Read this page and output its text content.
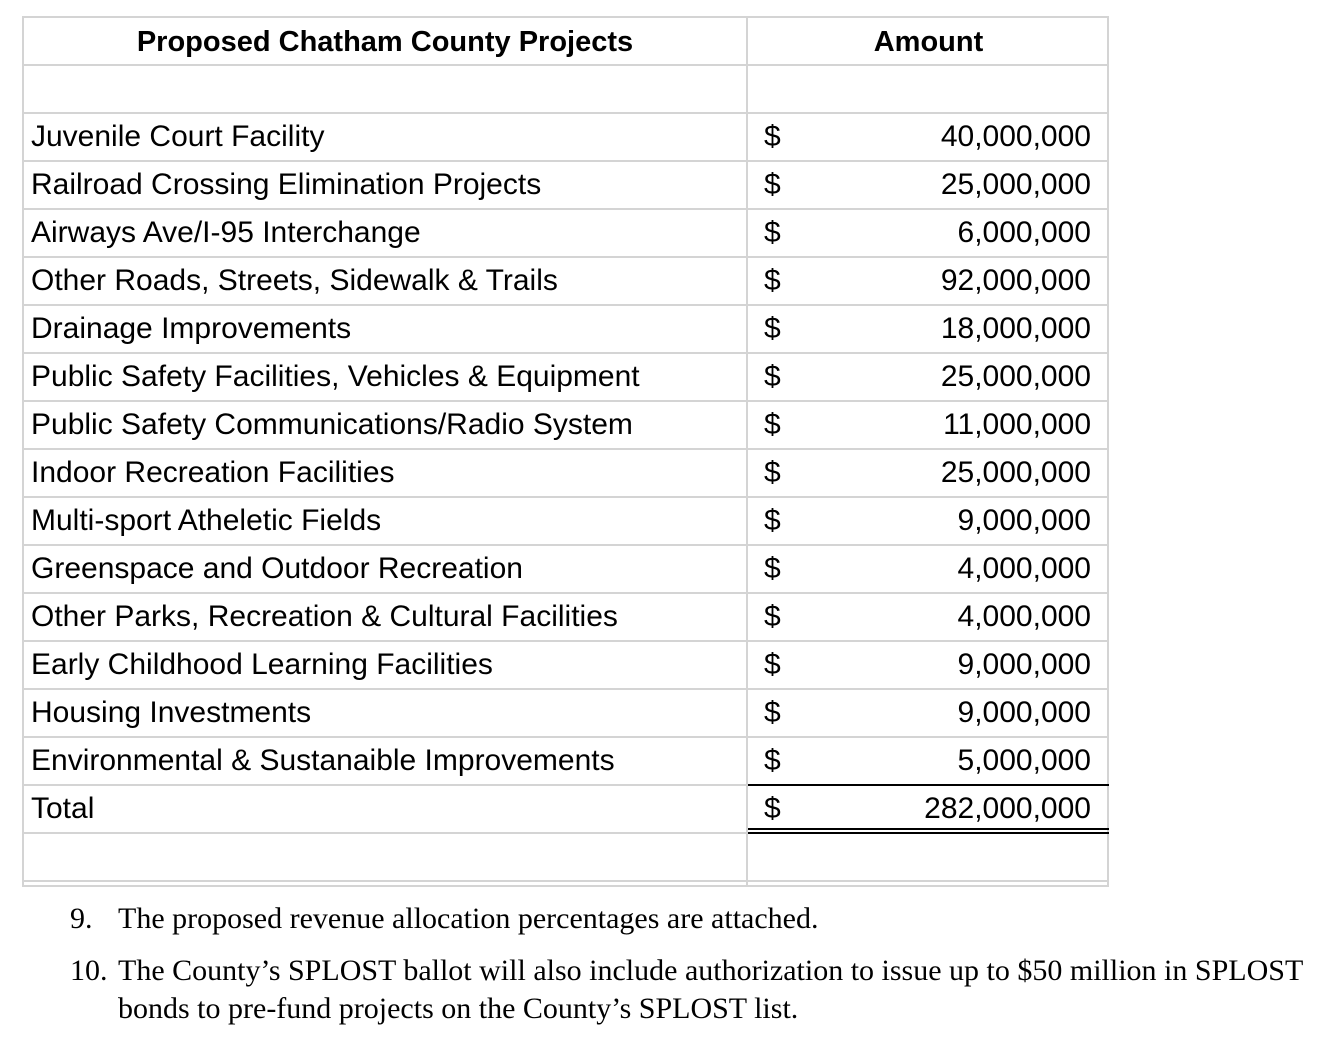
Proposed Chatham County Projects	Amount
Juvenile Court Facility	$	40,000,000
Railroad Crossing Elimination Projects	$	25,000,000
Airways Ave/I-95 Interchange	$	6,000,000
Other Roads, Streets, Sidewalk & Trails	$	92,000,000
Drainage Improvements	$	18,000,000
Public Safety Facilities, Vehicles & Equipment	$	25,000,000
Public Safety Communications/Radio System	$	11,000,000
Indoor Recreation Facilities	$	25,000,000
Multi-sport Atheletic Fields	$	9,000,000
Greenspace and Outdoor Recreation	$	4,000,000
Other Parks, Recreation & Cultural Facilities	$	4,000,000
Early Childhood Learning Facilities	$	9,000,000
Housing Investments	$	9,000,000
Environmental & Sustanaible Improvements	$	5,000,000
Total	$	282,000,000
9. The proposed revenue allocation percentages are attached.
10. The County’s SPLOST ballot will also include authorization to issue up to $50 million in SPLOST bonds to pre-fund projects on the County’s SPLOST list.
